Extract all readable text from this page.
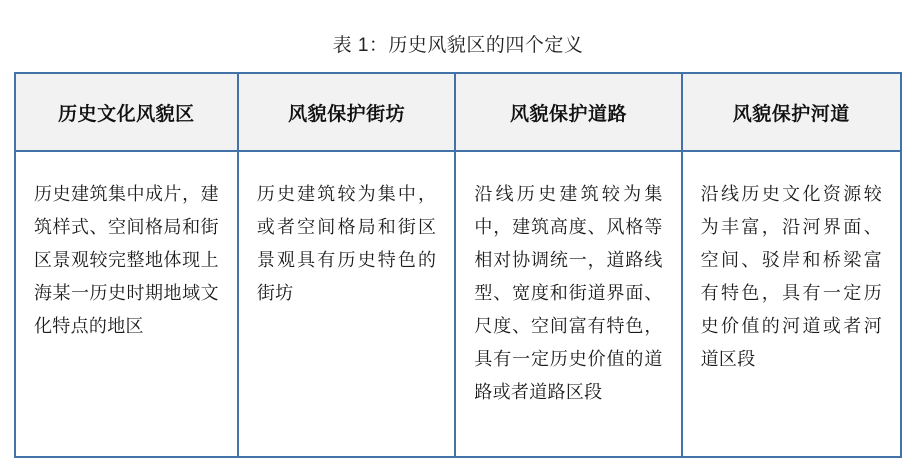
表 1：历史风貌区的四个定义
历史文化风貌区	风貌保护街坊	风貌保护道路	风貌保护河道
历史建筑集中成片，建筑样式、空间格局和街区景观较完整地体现上海某一历史时期地域文化特点的地区	历史建筑较为集中，或者空间格局和街区景观具有历史特色的街坊	沿线历史建筑较为集中，建筑高度、风格等相对协调统一，道路线型、宽度和街道界面、尺度、空间富有特色，具有一定历史价值的道路或者道路区段	沿线历史文化资源较为丰富，沿河界面、空间、驳岸和桥梁富有特色，具有一定历史价值的河道或者河道区段
